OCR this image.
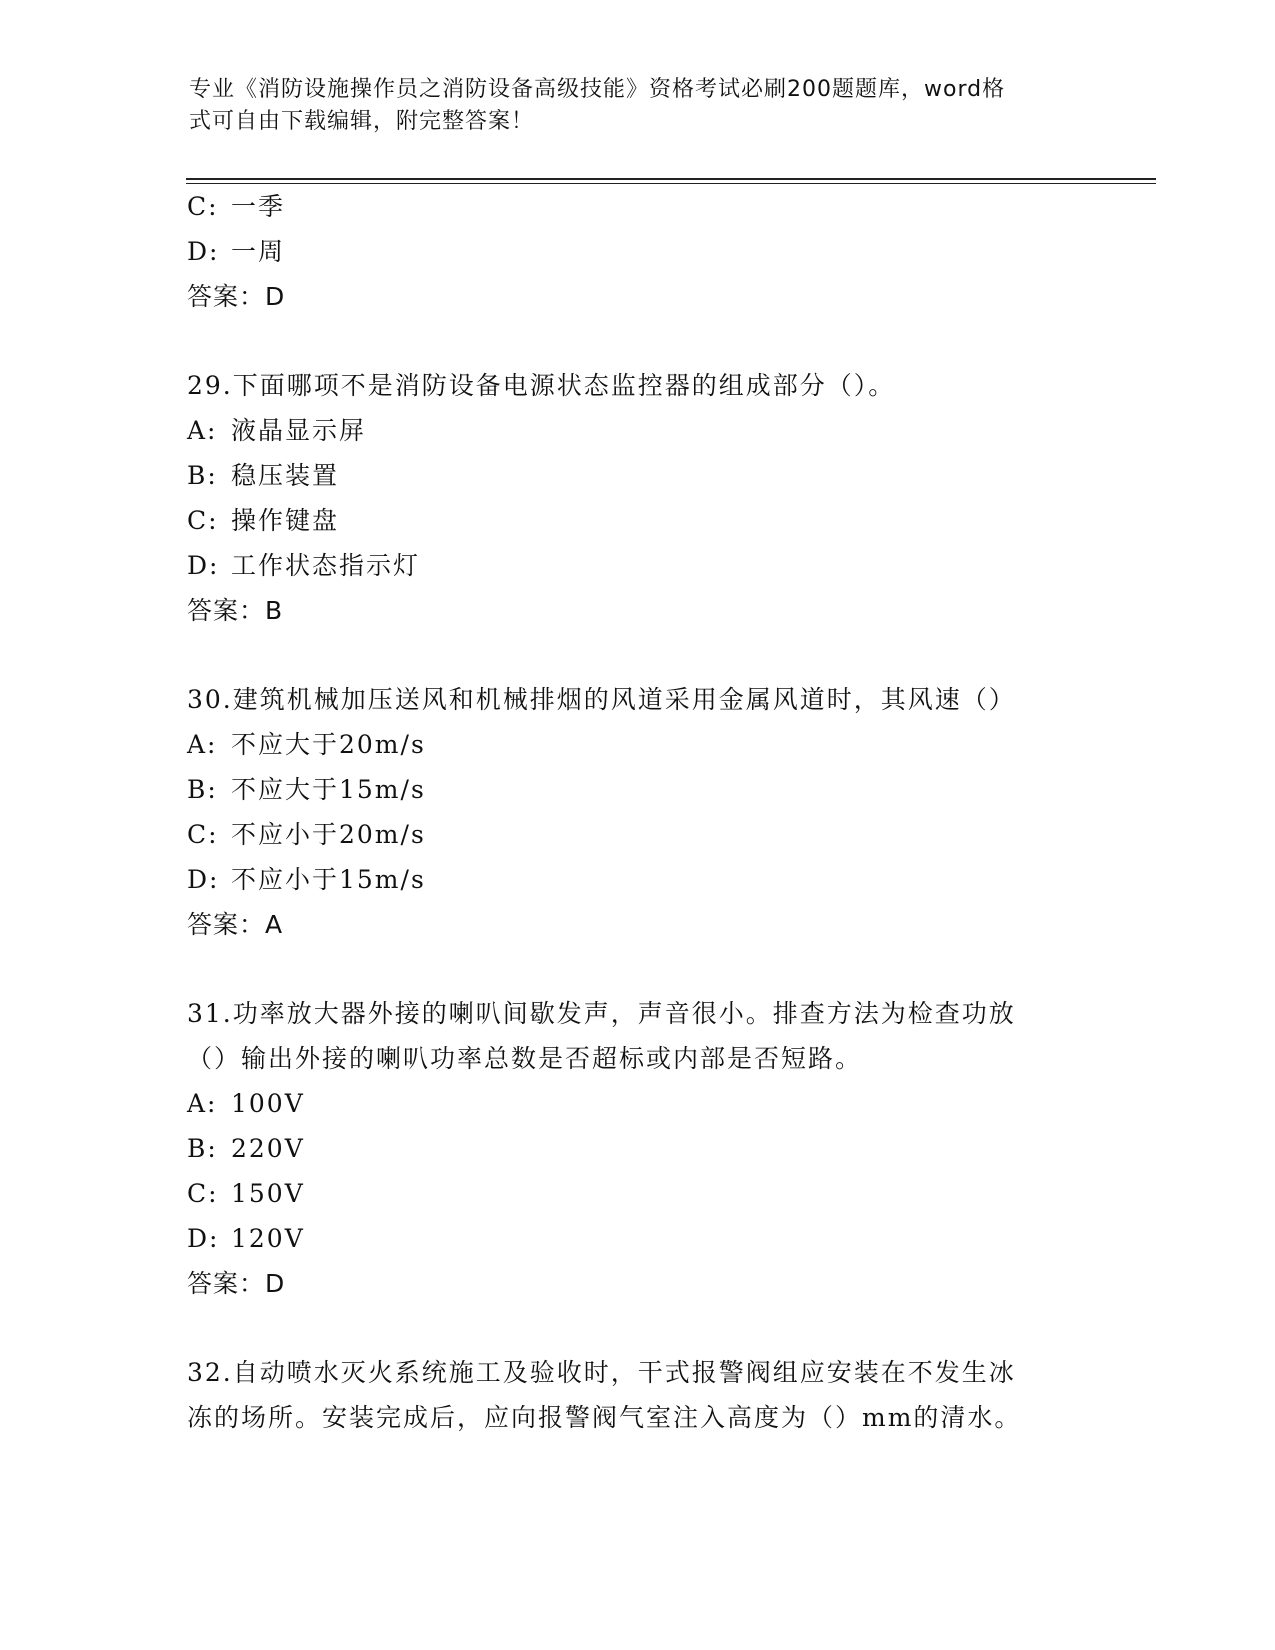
专业《消防设施操作员之消防设备高级技能》资格考试必刷200题题库，word格
式可自由下载编辑，附完整答案！
C: 一季
D: 一周
答案：D
29.下面哪项不是消防设备电源状态监控器的组成部分（）。
A: 液晶显示屏
B: 稳压装置
C: 操作键盘
D: 工作状态指示灯
答案：B
30.建筑机械加压送风和机械排烟的风道采用金属风道时，其风速（）
A: 不应大于20m/s
B: 不应大于15m/s
C: 不应小于20m/s
D: 不应小于15m/s
答案：A
31.功率放大器外接的喇叭间歇发声，声音很小。排查方法为检查功放
（）输出外接的喇叭功率总数是否超标或内部是否短路。
A: 100V
B: 220V
C: 150V
D: 120V
答案：D
32.自动喷水灭火系统施工及验收时，干式报警阀组应安装在不发生冰
冻的场所。安装完成后，应向报警阀气室注入高度为（）mm的清水。
